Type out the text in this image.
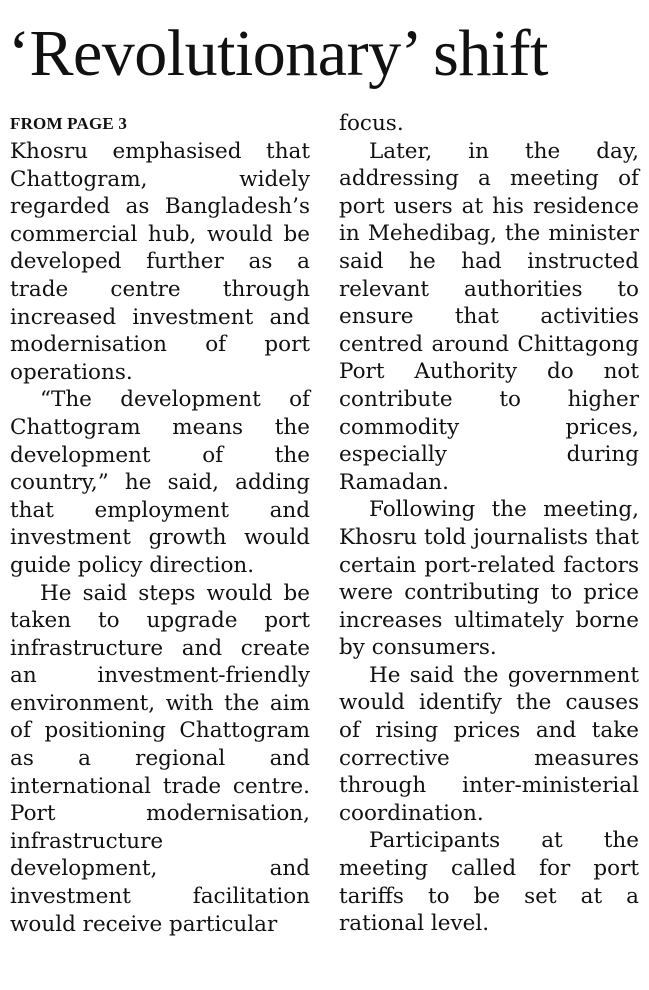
‘Revolutionary’ shift
FROM PAGE 3

Khosru emphasised that Chattogram, widely regarded as Bangladesh’s commercial hub, would be developed further as a trade centre through increased investment and modernisation of port operations.

“The development of Chattogram means the development of the country,” he said, adding that employment and investment growth would guide policy direction.

He said steps would be taken to upgrade port infrastructure and create an investment-friendly environment, with the aim of positioning Chattogram as a regional and international trade centre. Port modernisation, infrastructure development, and investment facilitation would receive particular

focus.

Later, in the day, addressing a meeting of port users at his residence in Mehedibag, the minister said he had instructed relevant authorities to ensure that activities centred around Chittagong Port Authority do not contribute to higher commodity prices, especially during Ramadan.

Following the meeting, Khosru told journalists that certain port-related factors were contributing to price increases ultimately borne by consumers.

He said the government would identify the causes of rising prices and take corrective measures through inter-ministerial coordination.

Participants at the meeting called for port tariffs to be set at a rational level.
